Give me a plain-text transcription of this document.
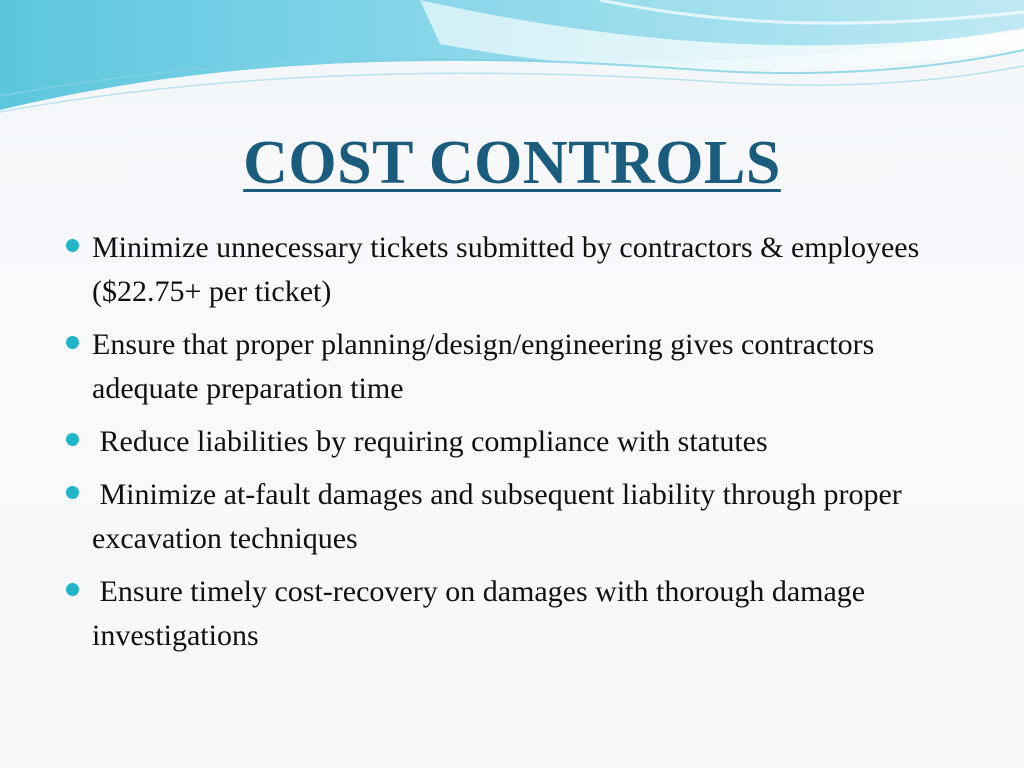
COST CONTROLS
Minimize unnecessary tickets submitted by contractors & employees ($22.75+ per ticket)
Ensure that proper planning/design/engineering gives contractors adequate preparation time
Reduce liabilities by requiring compliance with statutes
Minimize at-fault damages and subsequent liability through proper excavation techniques
Ensure timely cost-recovery on damages with thorough damage investigations
